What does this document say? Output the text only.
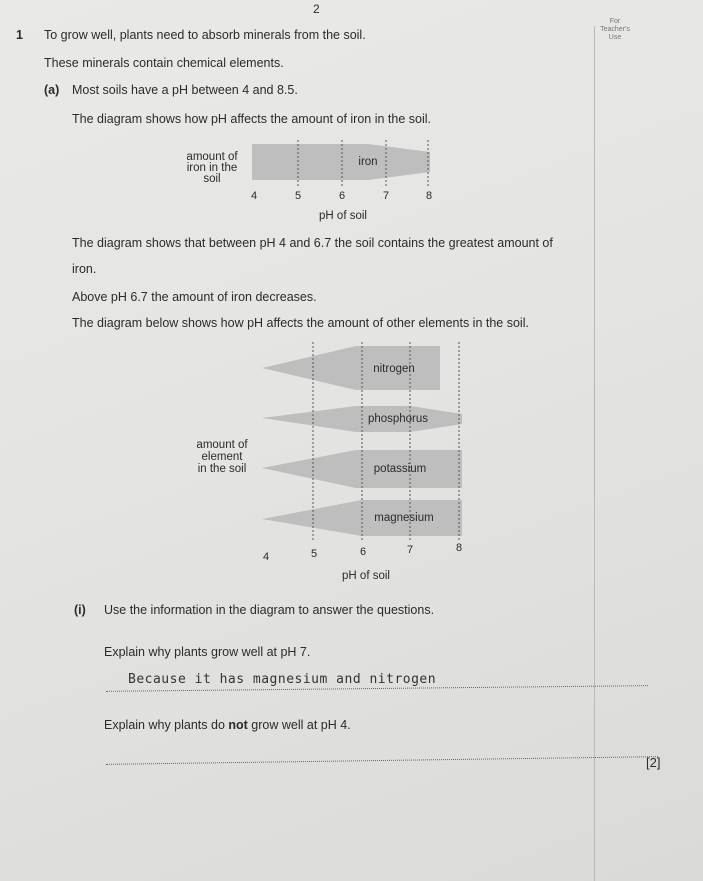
2
For Teacher's Use
1 To grow well, plants need to absorb minerals from the soil.
These minerals contain chemical elements.
(a) Most soils have a pH between 4 and 8.5.
The diagram shows how pH affects the amount of iron in the soil.
amount of
iron in the
soil
iron
4	5	6	7	8
pH of soil
amount of
element
in the soil
nitrogen
phosphorus
potassium
magnesium
4	5	6	7	8
pH of soil
The diagram shows that between pH 4 and 6.7 the soil contains the greatest amount of
iron.
Above pH 6.7 the amount of iron decreases.
The diagram below shows how pH affects the amount of other elements in the soil.
(i) Use the information in the diagram to answer the questions.
Explain why plants grow well at pH 7.
Because it has magnesium and nitrogen
Explain why plants do not grow well at pH 4.
[2]
